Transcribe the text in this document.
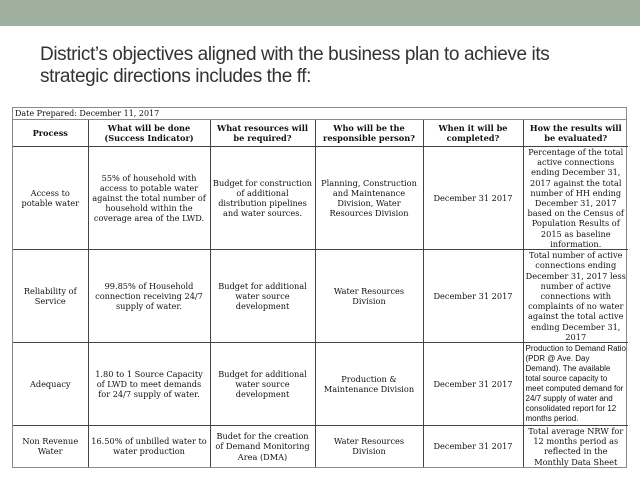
District’s objectives aligned with the business plan to achieve its
strategic directions includes the ff:
Date Prepared: December 11, 2017
Process	What will be done (Success Indicator)	What resources will be required?	Who will be the responsible person?	When it will be completed?	How the results will be evaluated?
Access to potable water	55% of household with access to potable water against the total number of household within the coverage area of the LWD.	Budget for construction of additional distribution pipelines and water sources.	Planning, Construction and Maintenance Division, Water Resources Division	December 31 2017	Percentage of the total active connections ending December 31, 2017 against the total number of HH ending December 31, 2017 based on the Census of Population Results of 2015 as baseline information.
Reliability of Service	99.85% of Household connection receiving 24/7 supply of water.	Budget for additional water source development	Water Resources Division	December 31 2017	Total number of active connections ending December 31, 2017 less number of active connections with complaints of no water against the total active ending December 31, 2017
Adequacy	1.80 to 1 Source Capacity of LWD to meet demands for 24/7 supply of water.	Budget for additional water source development	Production & Maintenance Division	December 31 2017	Production to Demand Ratio (PDR @ Ave. Day Demand). The available total source capacity to meet computed demand for 24/7 supply of water and consolidated report for 12 months period.
Non Revenue Water	16.50% of unbilled water to water production	Budet for the creation of Demand Monitoring Area (DMA)	Water Resources Division	December 31 2017	Total average NRW for 12 months period as reflected in the Monthly Data Sheet
